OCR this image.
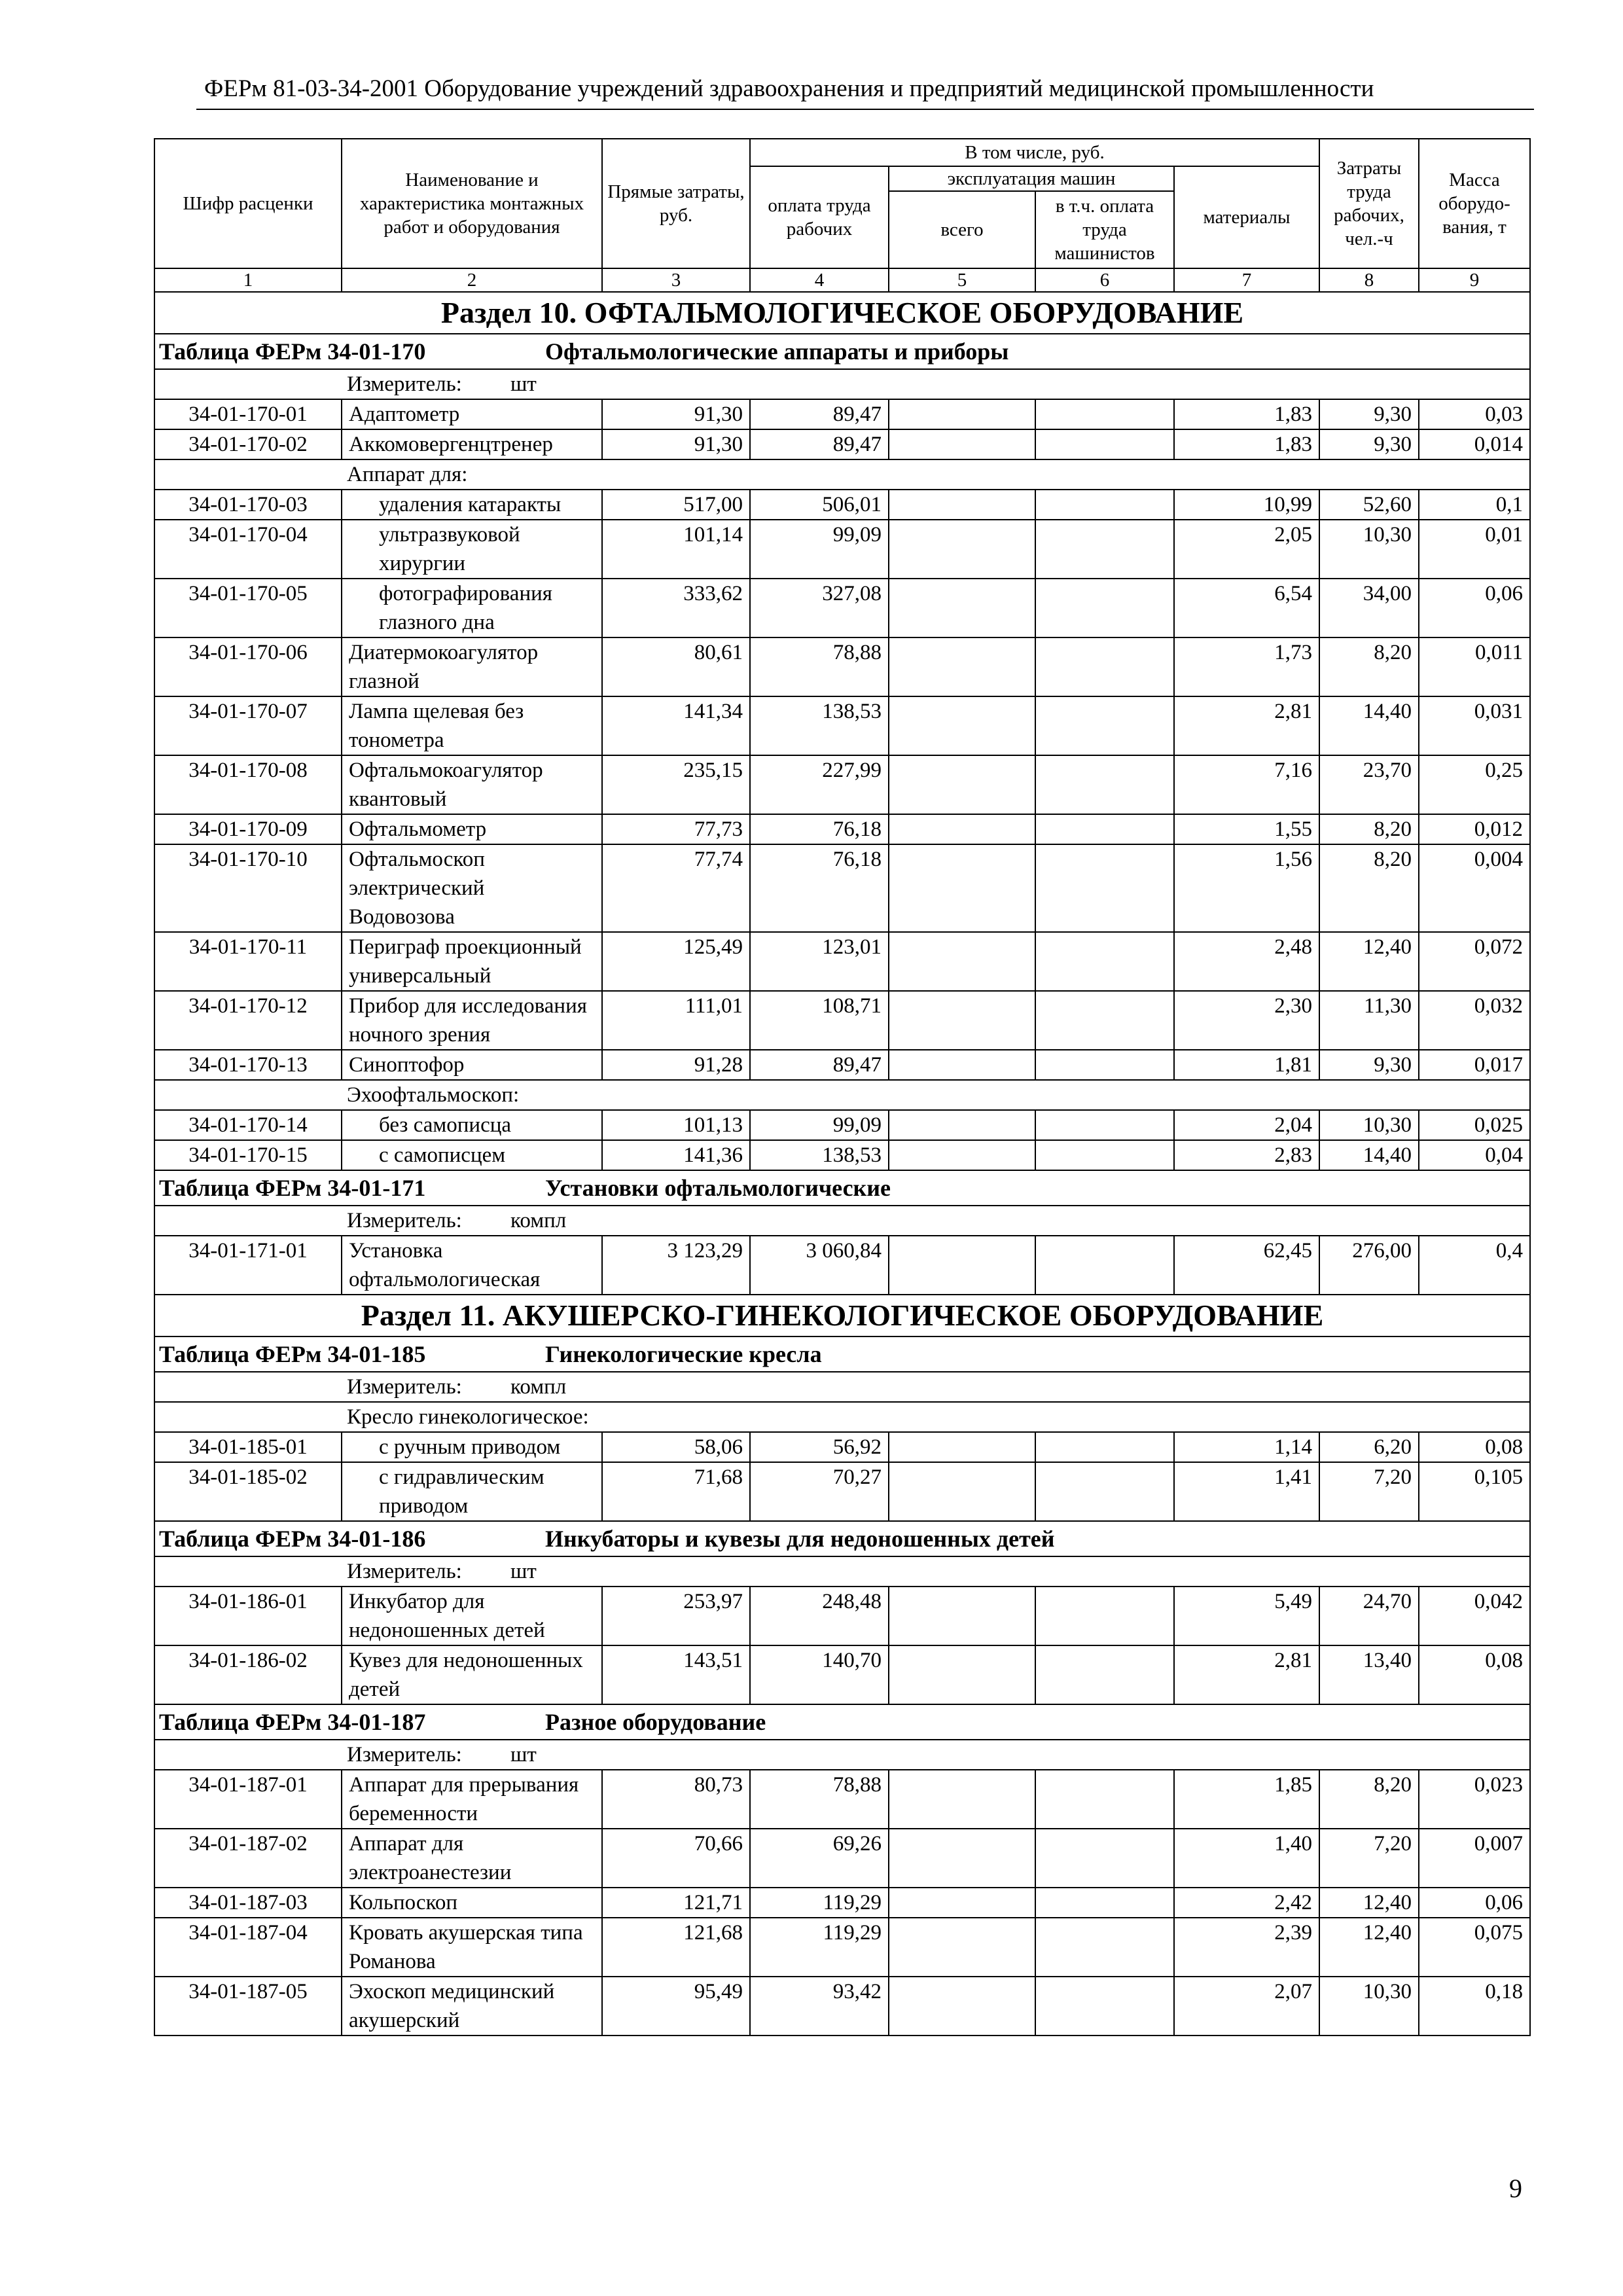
ФЕРм 81-03-34-2001 Оборудование учреждений здравоохранения и предприятий медицинской промышленности
Шифр расценки	Наименование и характеристика монтажных работ и оборудования	Прямые затраты, руб.	В том числе, руб.				Затраты труда рабочих, чел.-ч	Масса оборудо-вания, т
			оплата труда рабочих	эксплуатация машин		материалы		
				всего	в т.ч. оплата труда машинистов			
1	2	3	4	5	6	7	8	9
Раздел 10. ОФТАЛЬМОЛОГИЧЕСКОЕ ОБОРУДОВАНИЕ								
Таблица ФЕРм 34-01-170 Офтальмологические аппараты и приборы								
Измеритель: шт								
34-01-170-01	Адаптометр	91,30	89,47			1,83	9,30	0,03
34-01-170-02	Аккомовергенцтренер	91,30	89,47			1,83	9,30	0,014
Аппарат для:								
34-01-170-03	удаления катаракты	517,00	506,01			10,99	52,60	0,1
34-01-170-04	ультразвуковой хирургии	101,14	99,09			2,05	10,30	0,01
34-01-170-05	фотографирования глазного дна	333,62	327,08			6,54	34,00	0,06
34-01-170-06	Диатермокоагулятор глазной	80,61	78,88			1,73	8,20	0,011
34-01-170-07	Лампа щелевая без тонометра	141,34	138,53			2,81	14,40	0,031
34-01-170-08	Офтальмокоагулятор квантовый	235,15	227,99			7,16	23,70	0,25
34-01-170-09	Офтальмометр	77,73	76,18			1,55	8,20	0,012
34-01-170-10	Офтальмоскоп электрический Водовозова	77,74	76,18			1,56	8,20	0,004
34-01-170-11	Периграф проекционный универсальный	125,49	123,01			2,48	12,40	0,072
34-01-170-12	Прибор для исследования ночного зрения	111,01	108,71			2,30	11,30	0,032
34-01-170-13	Синоптофор	91,28	89,47			1,81	9,30	0,017
Эхоофтальмоскоп:								
34-01-170-14	без самописца	101,13	99,09			2,04	10,30	0,025
34-01-170-15	с самописцем	141,36	138,53			2,83	14,40	0,04
Таблица ФЕРм 34-01-171 Установки офтальмологические								
Измеритель: компл								
34-01-171-01	Установка офтальмологическая	3 123,29	3 060,84			62,45	276,00	0,4
Раздел 11. АКУШЕРСКО-ГИНЕКОЛОГИЧЕСКОЕ ОБОРУДОВАНИЕ								
Таблица ФЕРм 34-01-185 Гинекологические кресла								
Измеритель: компл								
Кресло гинекологическое:								
34-01-185-01	с ручным приводом	58,06	56,92			1,14	6,20	0,08
34-01-185-02	с гидравлическим приводом	71,68	70,27			1,41	7,20	0,105
Таблица ФЕРм 34-01-186 Инкубаторы и кувезы для недоношенных детей								
Измеритель: шт								
34-01-186-01	Инкубатор для недоношенных детей	253,97	248,48			5,49	24,70	0,042
34-01-186-02	Кувез для недоношенных детей	143,51	140,70			2,81	13,40	0,08
Таблица ФЕРм 34-01-187 Разное оборудование								
Измеритель: шт								
34-01-187-01	Аппарат для прерывания беременности	80,73	78,88			1,85	8,20	0,023
34-01-187-02	Аппарат для электроанестезии	70,66	69,26			1,40	7,20	0,007
34-01-187-03	Кольпоскоп	121,71	119,29			2,42	12,40	0,06
34-01-187-04	Кровать акушерская типа Романова	121,68	119,29			2,39	12,40	0,075
34-01-187-05	Эхоскоп медицинский акушерский	95,49	93,42			2,07	10,30	0,18
9
